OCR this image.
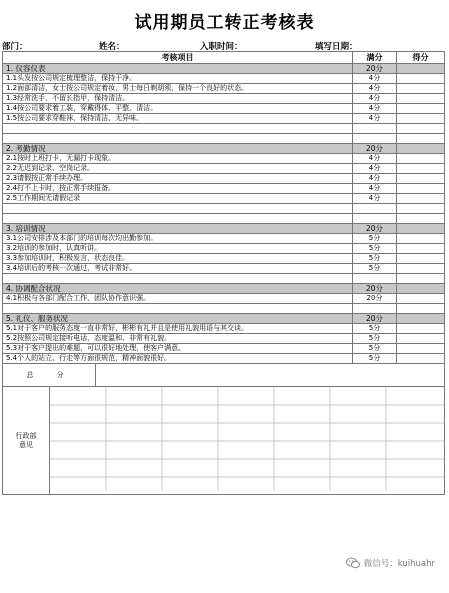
试用期员工转正考核表
部门：	姓名：	入职时间：	填写日期：
考核项目	满分	得分
1. 仪容仪表	20分	
1.1头发按公司规定梳理整洁，保持干净。	4分	
1.2面部清洁，女士按公司规定着妆，男士每日剃胡须，保持一个良好的状态。	4分	
1.3经常洗手，不留长指甲，保持清洁。	4分	
1.4按公司要求着工装，穿戴得体、平整、清洁。	4分	
1.5按公司要求穿鞋袜，保持清洁，无异味。	4分	

2. 考勤情况	20分	
2.1按时上班打卡，无漏打卡现象。	4分	
2.2无迟到记录、空岗记录。	4分	
2.3请假按正常手续办理。	4分	
2.4打不上卡时，按正常手续报备。	4分	
2.5工作期间无请假记录	4分	

3. 培训情况	20分	
3.1公司安排涉及本部门的培训每次均出勤参加。	5分	
3.2培训的参加时，认真听讲。	5分	
3.3参加培训时，积极发言，状态良佳。	5分	
3.4培训后的考核一次通过，考试非常好。	5分	

4. 协调配合状况	20分	
4.1积极与各部门配合工作，团队协作意识强。	20分	

5. 礼仪、服务状况	20分	
5.1对于客户的服务态度一直非常好，彬彬有礼并且是使用礼貌用语与其交谈。	5分	
5.2按照公司规定接听电话，态度温和、非常有礼貌。	5分	
5.3对于客户提出的难题，可以很好地处理，使客户满意。	5分	
5.4个人的站立、行走等方面很规范，精神面貌很好。	5分	

总　分	

行政部
意见

微信号：kuihuahr
